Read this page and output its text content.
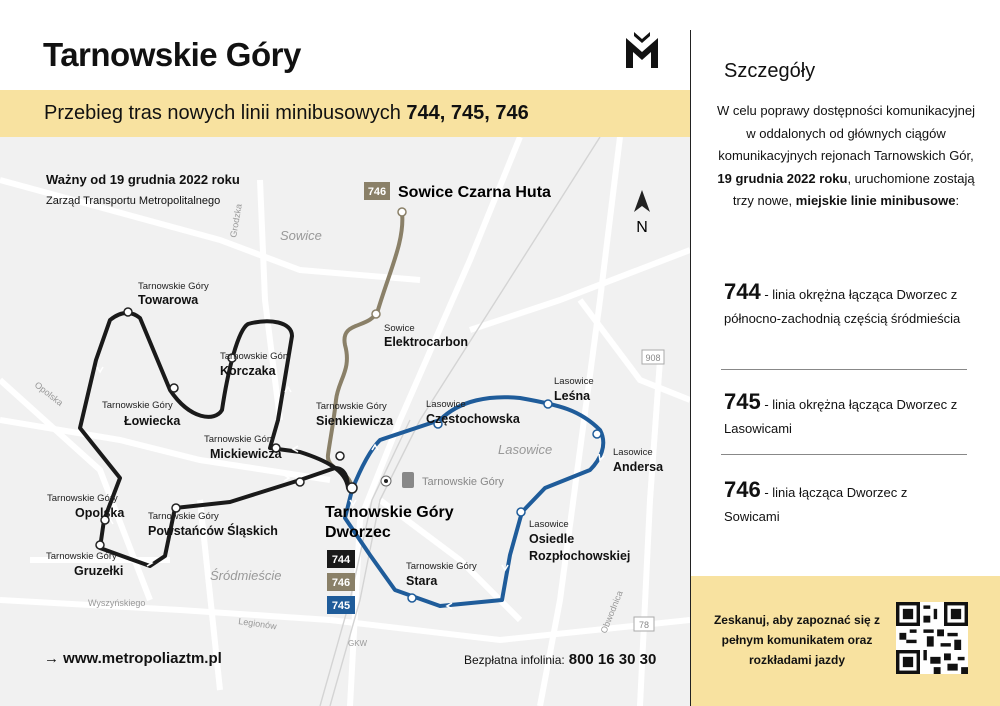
908
78
Grodzka
Opolska
Wyszyńskiego
Legionów	Obwodnica
GKW
Sowice
Lasowice
Śródmieście
N
746 Sowice Czarna Huta
Tarnowskie Góry
Tarnowskie Góry
Tarnowskie Góry
Tarnowskie Góry
Tarnowskie Góry
Sowice
Lasowice
Lasowice
Lasowice
Lasowice
Tarnowskie Góry
Tarnowskie Góry
Tarnowskie Góry
Tarnowskie Góry
Towarowa
Korczaka
Łowiecka
Mickiewicza
Sienkiewicza
Elektrocarbon
Częstochowska
Leśna
Andersa
Osiedle
Rozpłochowskiej
Opolska
Powstańców Śląskich
Gruzełki
Stara
Tarnowskie Góry
Tarnowskie Góry
Dworzec
744
746
745
Tarnowskie Góry
Przebieg tras nowych linii minibusowych 744, 745, 746
Ważny od 19 grudnia 2022 roku
Zarząd Transportu Metropolitalnego
→ www.metropoliaztm.pl	Bezpłatna infolinia: 800 16 30 30
Szczegóły
W celu poprawy dostępności komunikacyjnej w oddalonych od głównych ciągów komunikacyjnych rejonach Tarnowskich Gór, 19 grudnia 2022 roku, uruchomione zostają trzy nowe, miejskie linie minibusowe:
744 - linia okrężna łącząca Dworzec z północno-zachodnią częścią śródmieścia
745 - linia okrężna łącząca Dworzec z Lasowicami
746 - linia łącząca Dworzec z Sowicami
Zeskanuj, aby zapoznać się z pełnym komunikatem oraz rozkładami jazdy
